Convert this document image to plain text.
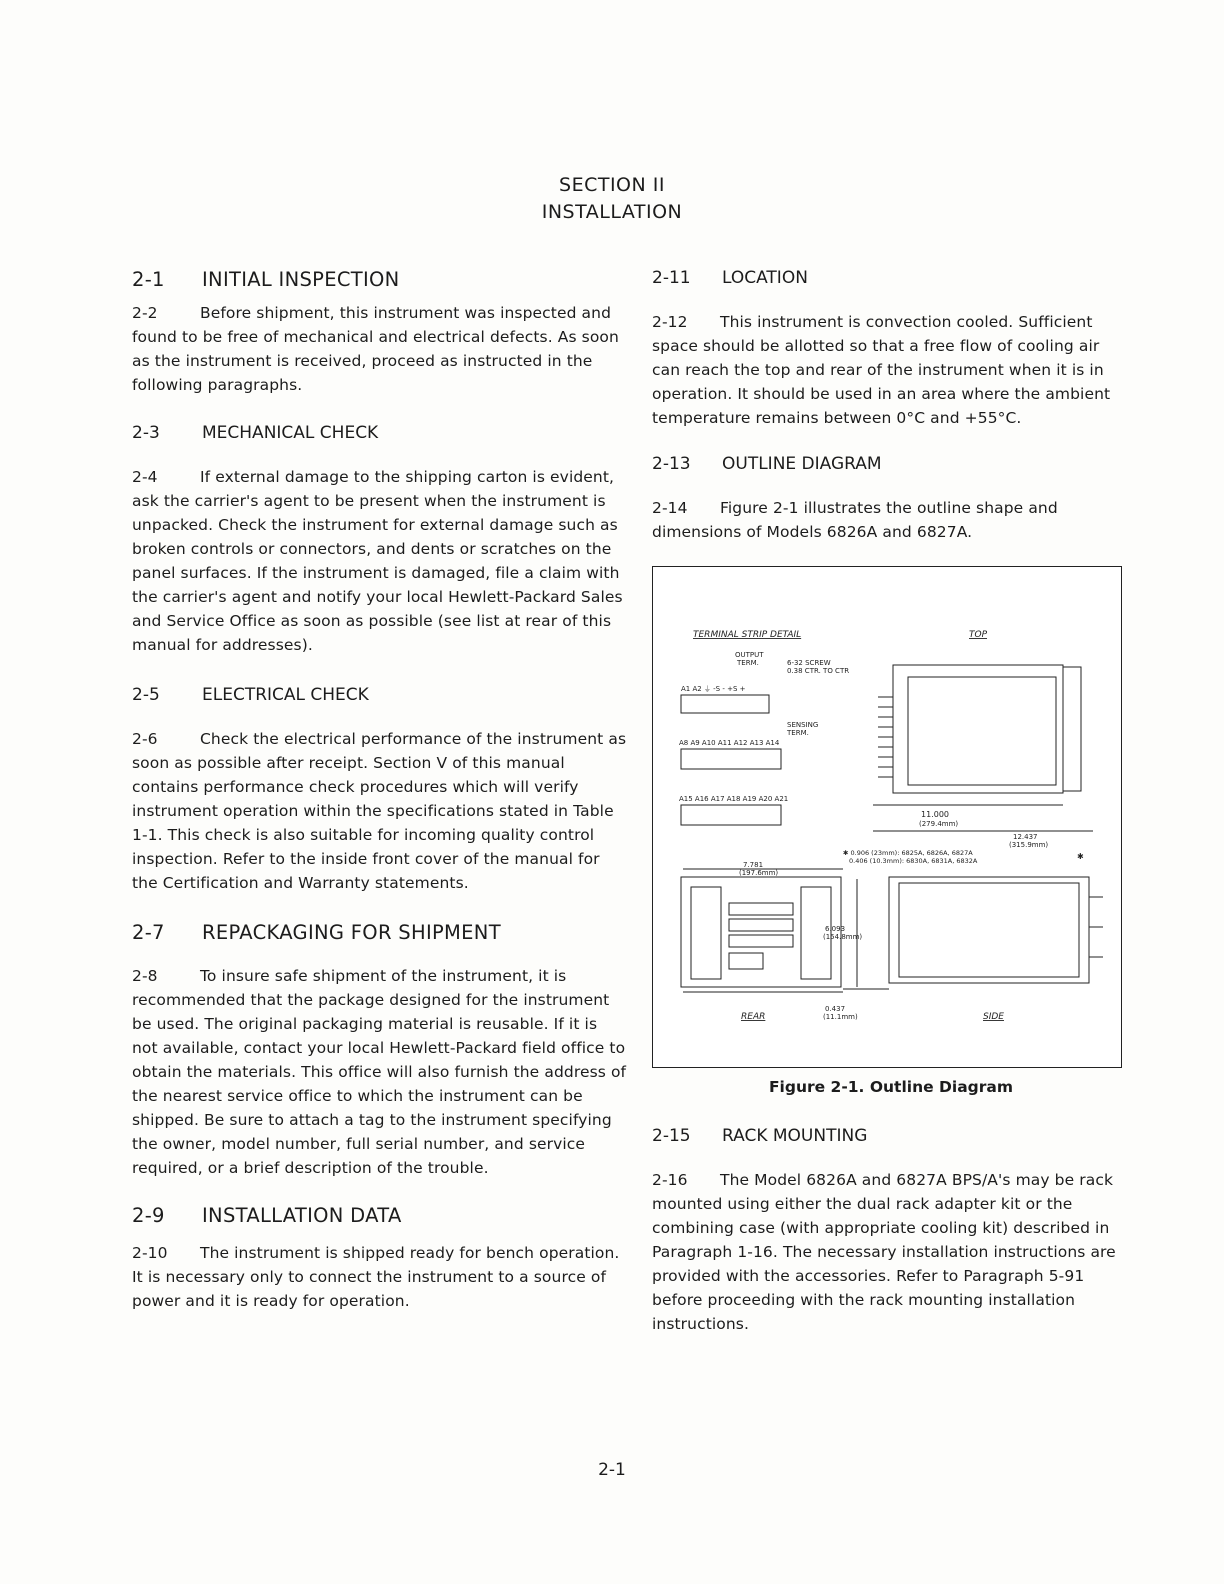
SECTION II
INSTALLATION
2-1	INITIAL INSPECTION

2-2	Before shipment, this instrument was inspected and found to be free of mechanical and electrical defects. As soon as the instrument is received, proceed as instructed in the following paragraphs.

2-3	MECHANICAL CHECK

2-4	If external damage to the shipping carton is evident, ask the carrier's agent to be present when the instrument is unpacked. Check the instrument for external damage such as broken controls or connectors, and dents or scratches on the panel surfaces. If the instrument is damaged, file a claim with the carrier's agent and notify your local Hewlett-Packard Sales and Service Office as soon as possible (see list at rear of this manual for addresses).

2-5	ELECTRICAL CHECK

2-6	Check the electrical performance of the instrument as soon as possible after receipt. Section V of this manual contains performance check procedures which will verify instrument operation within the specifications stated in Table 1-1. This check is also suitable for incoming quality control inspection. Refer to the inside front cover of the manual for the Certification and Warranty statements.

2-7	REPACKAGING FOR SHIPMENT

2-8	To insure safe shipment of the instrument, it is recommended that the package designed for the instrument be used. The original packaging material is reusable. If it is not available, contact your local Hewlett-Packard field office to obtain the materials. This office will also furnish the address of the nearest service office to which the instrument can be shipped. Be sure to attach a tag to the instrument specifying the owner, model number, full serial number, and service required, or a brief description of the trouble.

2-9	INSTALLATION DATA

2-10 The instrument is shipped ready for bench operation. It is necessary only to connect the instrument to a source of power and it is ready for operation.

2-11	LOCATION

2-12 This instrument is convection cooled. Sufficient space should be allotted so that a free flow of cooling air can reach the top and rear of the instrument when it is in operation. It should be used in an area where the ambient temperature remains between 0°C and +55°C.

2-13	OUTLINE DIAGRAM

2-14 Figure 2-1 illustrates the outline shape and dimensions of Models 6826A and 6827A.

TERMINAL STRIP DETAIL	TOP
OUTPUT
TERM.	6-32 SCREW
0.38 CTR. TO CTR
A1 A2 ⏚ -S - +S +
SENSING
TERM.
A8 A9 A10 A11 A12 A13 A14
A15 A16 A17 A18 A19 A20 A21
11.000
(279.4mm)
12.437
(315.9mm)
✱ 0.906 (23mm): 6825A, 6826A, 6827A
0.406 (10.3mm): 6830A, 6831A, 6832A	✱
7.781
(197.6mm)
6.093
(154.8mm)
0.437
(11.1mm)
REAR	SIDE
Figure 2-1. Outline Diagram
2-15	RACK MOUNTING

2-16 The Model 6826A and 6827A BPS/A's may be rack mounted using either the dual rack adapter kit or the combining case (with appropriate cooling kit) described in Paragraph 1-16. The necessary installation instructions are provided with the accessories. Refer to Paragraph 5-91 before proceeding with the rack mounting installation instructions.

2-1
